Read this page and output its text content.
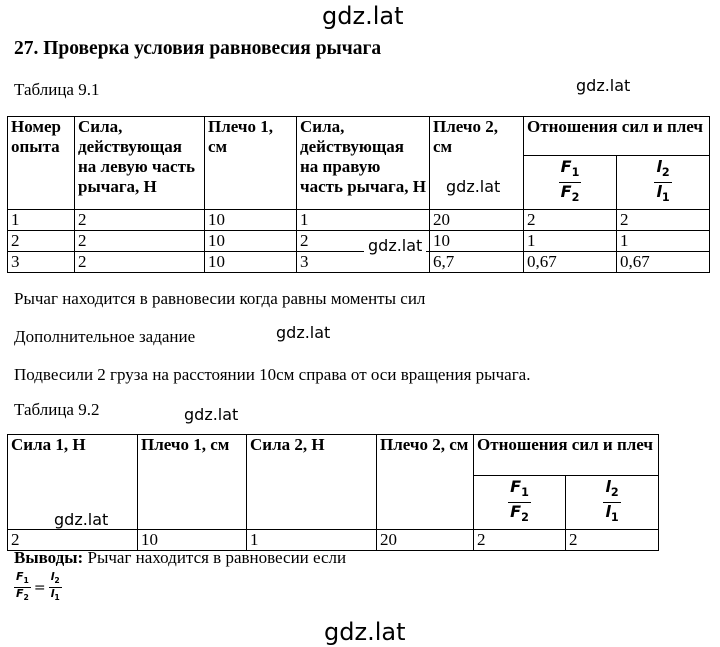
gdz.lat
27. Проверка условия равновесия рычага
Таблица 9.1	gdz.lat
Номер опыта	Сила, действующая на левую часть рычага, Н	Плечо 1, см	Сила, действующая на правую часть рычага, Н	Плечо 2, см	Отношения сил и плеч	

					$\frac{F_1}{F_2}$	$\frac{l_2}{l_1}$

1	2	10	1	20	2	2
2	2	10	2	10	1	1
3	2	10	3	6,7	0,67	0,67
gdz.lat
gdz.lat
Рычаг находится в равновесии когда равны моменты сил
Дополнительное задание	gdz.lat
Подвесили 2 груза на расстоянии 10см справа от оси вращения рычага.
Таблица 9.2	gdz.lat
Сила 1, Н	Плечо 1, см	Сила 2, Н	Плечо 2, см	Отношения сил и плеч	

				$\frac{F_1}{F_2}$	$\frac{l_2}{l_1}$

2	10	1	20	2	2
gdz.lat
Выводы: Рычаг находится в равновесии если
$\frac{F_1}{F_2} = \frac{l_2}{l_1}$
gdz.lat
